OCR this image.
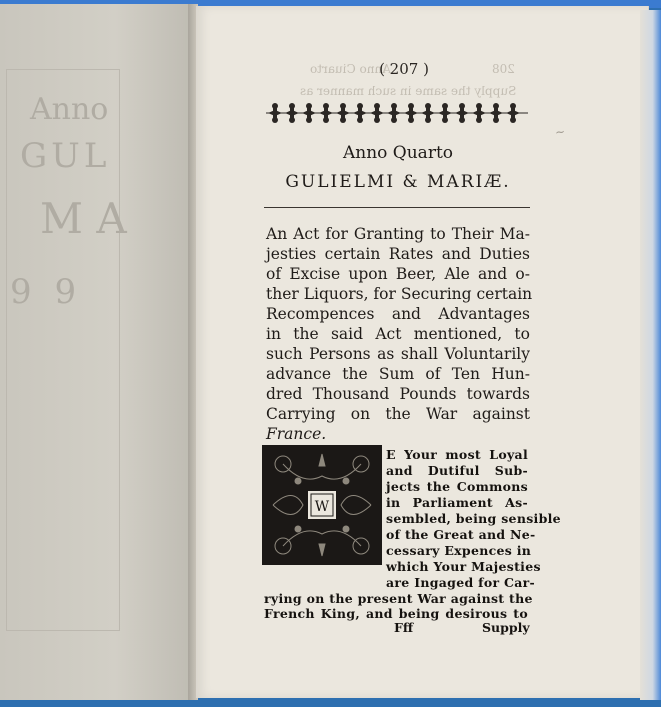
Anno
GUL
M A
9 9
Anno Ciuarto	208
Supply the same in such manner as
( 207 )
~
Anno Quarto
GULIELMI & MARIÆ.
An Act for Granting to Their Ma-
jesties certain Rates and Duties
of Excise upon Beer, Ale and o-
ther Liquors, for Securing certain
Recompences and Advantages
in the said Act mentioned, to
such Persons as shall Voluntarily
advance the Sum of Ten Hun-
dred Thousand Pounds towards
Carrying on the War against
France.
W
E Your most Loyal
and Dutiful Sub-
jects the Commons
in Parliament As-
sembled, being sensible
of the Great and Ne-
cessary Expences in
which Your Majesties
are Ingaged for Car-
rying on the present War against the
French King, and being desirous to
Fff	Supply
